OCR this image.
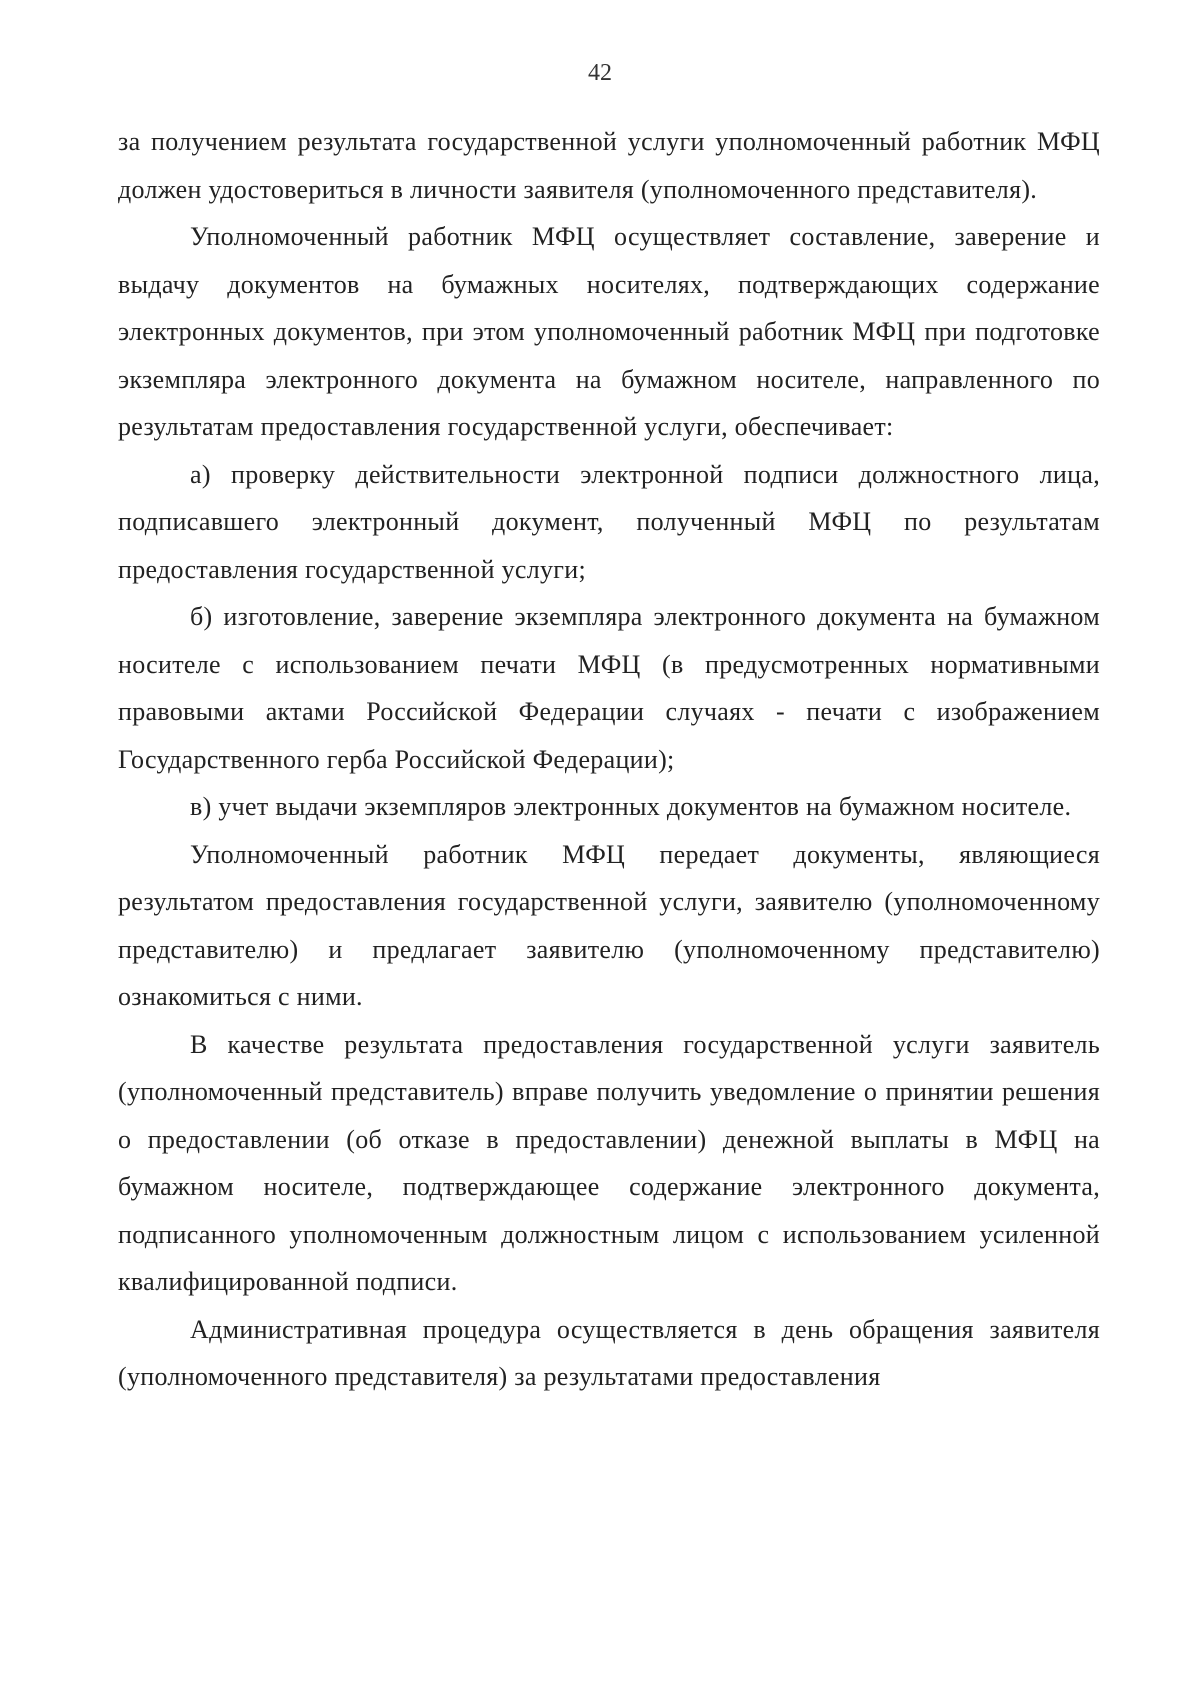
42

за получением результата государственной услуги уполномоченный работник МФЦ должен удостовериться в личности заявителя (уполномоченного представителя).

Уполномоченный работник МФЦ осуществляет составление, заверение и выдачу документов на бумажных носителях, подтверждающих содержание электронных документов, при этом уполномоченный работник МФЦ при подготовке экземпляра электронного документа на бумажном носителе, направленного по результатам предоставления государственной услуги, обеспечивает:

а) проверку действительности электронной подписи должностного лица, подписавшего электронный документ, полученный МФЦ по результатам предоставления государственной услуги;

б) изготовление, заверение экземпляра электронного документа на бумажном носителе с использованием печати МФЦ (в предусмотренных нормативными правовыми актами Российской Федерации случаях - печати с изображением Государственного герба Российской Федерации);

в) учет выдачи экземпляров электронных документов на бумажном носителе.

Уполномоченный работник МФЦ передает документы, являющиеся результатом предоставления государственной услуги, заявителю (уполномоченному представителю) и предлагает заявителю (уполномоченному представителю) ознакомиться с ними.

В качестве результата предоставления государственной услуги заявитель (уполномоченный представитель) вправе получить уведомление о принятии решения о предоставлении (об отказе в предоставлении) денежной выплаты в МФЦ на бумажном носителе, подтверждающее содержание электронного документа, подписанного уполномоченным должностным лицом с использованием усиленной квалифицированной подписи.

Административная процедура осуществляется в день обращения заявителя (уполномоченного представителя) за результатами предоставления
